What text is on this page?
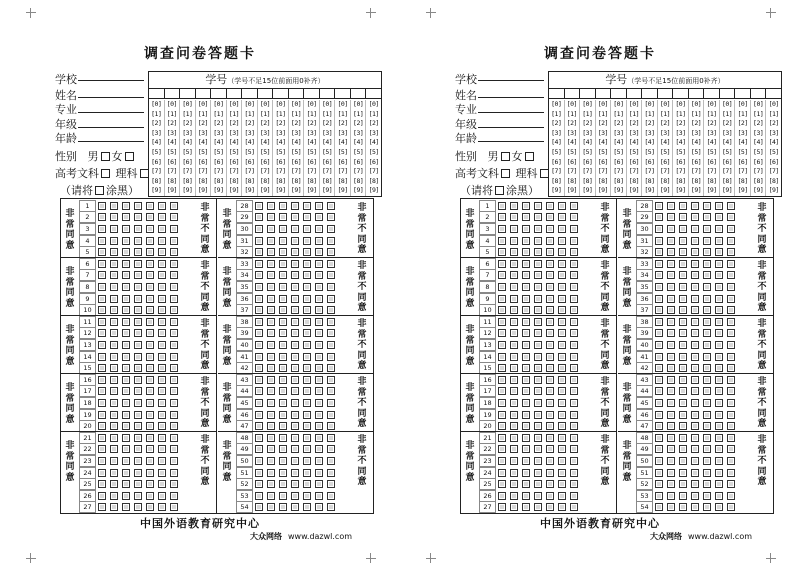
调查问卷答题卡
学校
姓名
专业
年级
年龄
性别 男 女
高考文科 理科
（请将 涂黑）
学号（学号不足15位前面用0补齐）
[0]
[1]
[2]
[3]
[4]
[5]
[6]
[7]
[8]
[9]
[0]
[1]
[2]
[3]
[4]
[5]
[6]
[7]
[8]
[9]
[0]
[1]
[2]
[3]
[4]
[5]
[6]
[7]
[8]
[9]
[0]
[1]
[2]
[3]
[4]
[5]
[6]
[7]
[8]
[9]
[0]
[1]
[2]
[3]
[4]
[5]
[6]
[7]
[8]
[9]
[0]
[1]
[2]
[3]
[4]
[5]
[6]
[7]
[8]
[9]
[0]
[1]
[2]
[3]
[4]
[5]
[6]
[7]
[8]
[9]
[0]
[1]
[2]
[3]
[4]
[5]
[6]
[7]
[8]
[9]
[0]
[1]
[2]
[3]
[4]
[5]
[6]
[7]
[8]
[9]
[0]
[1]
[2]
[3]
[4]
[5]
[6]
[7]
[8]
[9]
[0]
[1]
[2]
[3]
[4]
[5]
[6]
[7]
[8]
[9]
[0]
[1]
[2]
[3]
[4]
[5]
[6]
[7]
[8]
[9]
[0]
[1]
[2]
[3]
[4]
[5]
[6]
[7]
[8]
[9]
[0]
[1]
[2]
[3]
[4]
[5]
[6]
[7]
[8]
[9]
[0]
[1]
[2]
[3]
[4]
[5]
[6]
[7]
[8]
[9]
非常同意
非常不同意
1
2
3
4
5
非常同意
非常不同意
6
7
8
9
10
非常同意
非常不同意
11
12
13
14
15
非常同意
非常不同意
16
17
18
19
20
非常同意
非常不同意
21
22
23
24
25
26
27
非常同意
非常不同意
28
29
30
31
32
非常同意
非常不同意
33
34
35
36
37
非常同意
非常不同意
38
39
40
41
42
非常同意
非常不同意
43
44
45
46
47
非常同意
非常不同意
48
49
50
51
52
53
54
中国外语教育研究中心
大众网络 www.dazwl.com
调查问卷答题卡
学校
姓名
专业
年级
年龄
性别 男 女
高考文科 理科
（请将 涂黑）
学号（学号不足15位前面用0补齐）
[0]
[1]
[2]
[3]
[4]
[5]
[6]
[7]
[8]
[9]
[0]
[1]
[2]
[3]
[4]
[5]
[6]
[7]
[8]
[9]
[0]
[1]
[2]
[3]
[4]
[5]
[6]
[7]
[8]
[9]
[0]
[1]
[2]
[3]
[4]
[5]
[6]
[7]
[8]
[9]
[0]
[1]
[2]
[3]
[4]
[5]
[6]
[7]
[8]
[9]
[0]
[1]
[2]
[3]
[4]
[5]
[6]
[7]
[8]
[9]
[0]
[1]
[2]
[3]
[4]
[5]
[6]
[7]
[8]
[9]
[0]
[1]
[2]
[3]
[4]
[5]
[6]
[7]
[8]
[9]
[0]
[1]
[2]
[3]
[4]
[5]
[6]
[7]
[8]
[9]
[0]
[1]
[2]
[3]
[4]
[5]
[6]
[7]
[8]
[9]
[0]
[1]
[2]
[3]
[4]
[5]
[6]
[7]
[8]
[9]
[0]
[1]
[2]
[3]
[4]
[5]
[6]
[7]
[8]
[9]
[0]
[1]
[2]
[3]
[4]
[5]
[6]
[7]
[8]
[9]
[0]
[1]
[2]
[3]
[4]
[5]
[6]
[7]
[8]
[9]
[0]
[1]
[2]
[3]
[4]
[5]
[6]
[7]
[8]
[9]
非常同意
非常不同意
1
2
3
4
5
非常同意
非常不同意
6
7
8
9
10
非常同意
非常不同意
11
12
13
14
15
非常同意
非常不同意
16
17
18
19
20
非常同意
非常不同意
21
22
23
24
25
26
27
非常同意
非常不同意
28
29
30
31
32
非常同意
非常不同意
33
34
35
36
37
非常同意
非常不同意
38
39
40
41
42
非常同意
非常不同意
43
44
45
46
47
非常同意
非常不同意
48
49
50
51
52
53
54
中国外语教育研究中心
大众网络 www.dazwl.com
